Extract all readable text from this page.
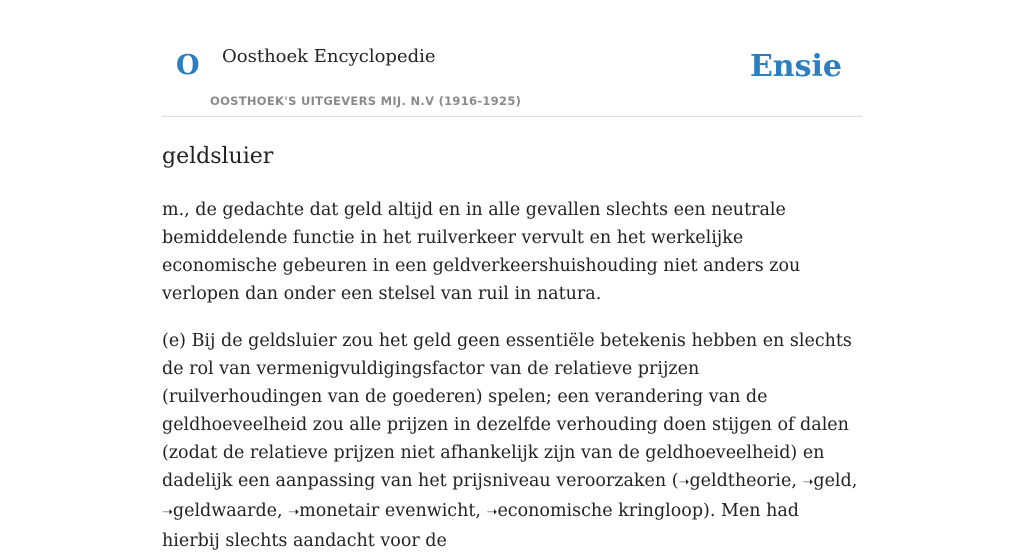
O Oosthoek Encyclopedie
OOSTHOEK'S UITGEVERS MIJ. N.V (1916-1925)
Ensie
geldsluier

m., de gedachte dat geld altijd en in alle gevallen slechts een neutrale bemiddelende functie in het ruilverkeer vervult en het werkelijke economische gebeuren in een geldverkeershuishouding niet anders zou verlopen dan onder een stelsel van ruil in natura.

(e) Bij de geldsluier zou het geld geen essentiële betekenis hebben en slechts de rol van vermenigvuldigingsfactor van de relatieve prijzen (ruilverhoudingen van de goederen) spelen; een verandering van de geldhoeveelheid zou alle prijzen in dezelfde verhouding doen stijgen of dalen (zodat de relatieve prijzen niet afhankelijk zijn van de geldhoeveelheid) en dadelijk een aanpassing van het prijsniveau veroorzaken (➝geldtheorie, ➝geld, ➝geldwaarde, ➝monetair evenwicht, ➝economische kringloop). Men had hierbij slechts aandacht voor de
